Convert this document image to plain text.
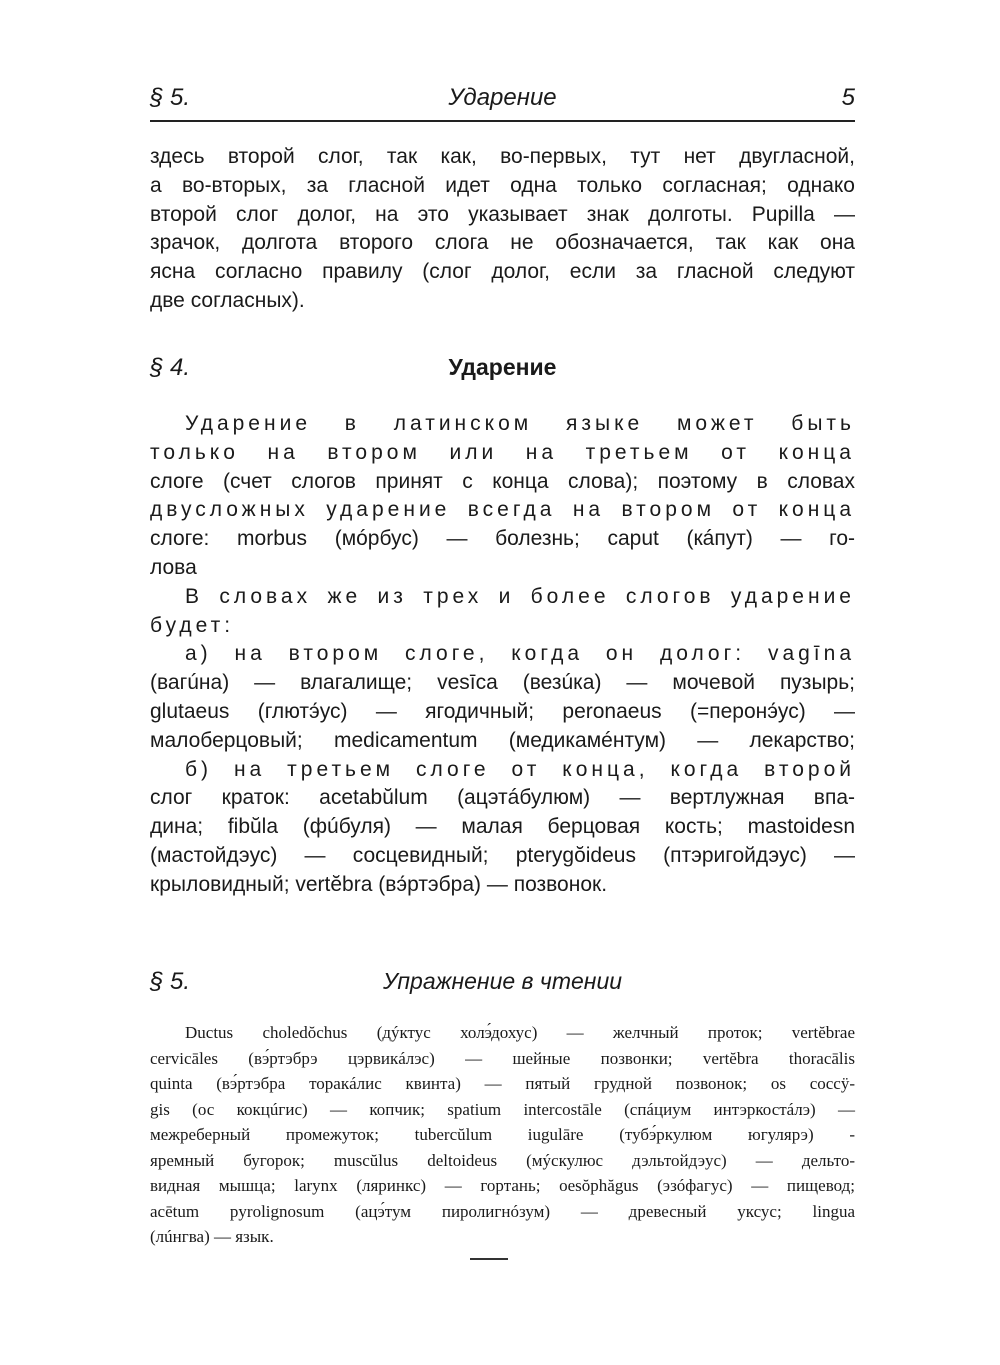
§ 5.	Ударение	5
здесь второй слог, так как, во-первых, тут нет двугласной,
а во-вторых, за гласной идет одна только согласная; однако
второй слог долог, на это указывает знак долготы. Pupilla —
зрачок, долгота второго слога не обозначается, так как она
ясна согласно правилу (слог долог, если за гласной следуют
две согласных).
§ 4.	Ударение
Ударение в латинском языке может быть
только на втором или на третьем от конца
слоге (счет слогов принят с конца слова); поэтому в словах
двусложных ударение всегда на втором от конца
слоге: morbus (мóрбус) — болезнь; caput (кáпут) — го-
лова
В словах же из трех и более слогов ударение
будет:
а) на втором слоге, когда он долог: vagīna
(вагúна) — влагалище; vesīca (везúка) — мочевой пузырь;
glutaeus (глютэ́ус) — ягодичный; peronaeus (=перонэ́ус) —
малоберцовый; medicamentum (медикамéнтум) — лекарство;
б) на третьем слоге от конца, когда второй
слог краток: acetabŭlum (ацэтáбулюм) — вертлужная впа-
дина; fibŭla (фúбуля) — малая берцовая кость; mastoidesn
(мастойдэус) — сосцевидный; pterygŏideus (птэригойдэус) —
крыловидный; vertĕbra (вэ́ртэбра) — позвонок.
§ 5.	Упражнение в чтении
Ductus choledŏchus (дýктус холэ́дохус) — желчный проток; vertĕbrae
cervicāles (вэ́ртэбрэ цэрвикáлэс) — шейные позвонки; vertĕbra thoracālis
quinta (вэ́ртэбра торакáлис квинта) — пятый грудной позвонок; os coccÿ-
gis (ос кокцúгис) — копчик; spatium intercostāle (спáциум интэркостáлэ) —
межреберный промежуток; tubercŭlum iugulāre (тубэ́ркулюм югулярэ) -
яремный бугорок; muscŭlus deltoideus (мýскулюс дэльтойдэус) — дельто-
видная мышца; larynx (ляринкс) — гортань; oesŏphăgus (эзóфагус) — пищевод;
acētum pyrolignosum (ацэ́тум пиролигнóзум) — древесный уксус; lingua
(лúнгва) — язык.
